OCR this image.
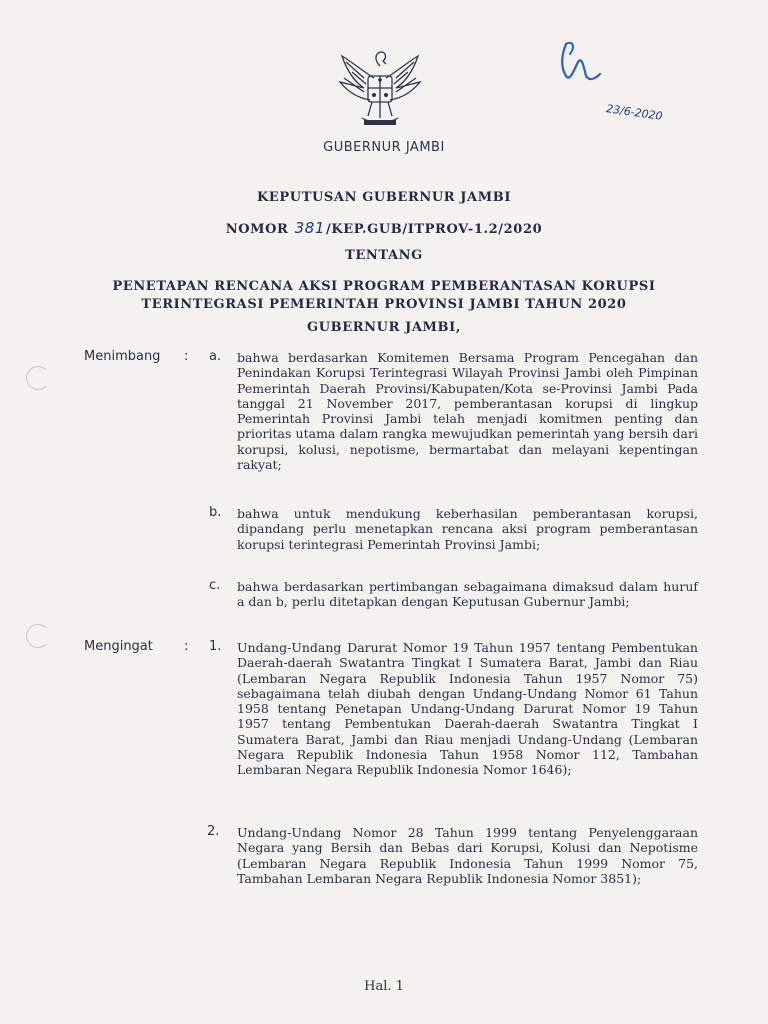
GUBERNUR JAMBI
23/6-2020
KEPUTUSAN GUBERNUR JAMBI
NOMOR 381/KEP.GUB/ITPROV-1.2/2020
TENTANG
PENETAPAN RENCANA AKSI PROGRAM PEMBERANTASAN KORUPSI
TERINTEGRASI PEMERINTAH PROVINSI JAMBI TAHUN 2020
GUBERNUR JAMBI,
Menimbang : a. bahwa berdasarkan Komitemen Bersama Program Pencegahan dan Penindakan Korupsi Terintegrasi Wilayah Provinsi Jambi oleh Pimpinan Pemerintah Daerah Provinsi/Kabupaten/Kota se-Provinsi Jambi Pada tanggal 21 November 2017, pemberantasan korupsi di lingkup Pemerintah Provinsi Jambi telah menjadi komitmen penting dan prioritas utama dalam rangka mewujudkan pemerintah yang bersih dari korupsi, kolusi, nepotisme, bermartabat dan melayani kepentingan rakyat;

b. bahwa untuk mendukung keberhasilan pemberantasan korupsi, dipandang perlu menetapkan rencana aksi program pemberantasan korupsi terintegrasi Pemerintah Provinsi Jambi;

c. bahwa berdasarkan pertimbangan sebagaimana dimaksud dalam huruf a dan b, perlu ditetapkan dengan Keputusan Gubernur Jambi;

Mengingat : 1. Undang-Undang Darurat Nomor 19 Tahun 1957 tentang Pembentukan Daerah-daerah Swatantra Tingkat I Sumatera Barat, Jambi dan Riau (Lembaran Negara Republik Indonesia Tahun 1957 Nomor 75) sebagaimana telah diubah dengan Undang-Undang Nomor 61 Tahun 1958 tentang Penetapan Undang-Undang Darurat Nomor 19 Tahun 1957 tentang Pembentukan Daerah-daerah Swatantra Tingkat I Sumatera Barat, Jambi dan Riau menjadi Undang-Undang (Lembaran Negara Republik Indonesia Tahun 1958 Nomor 112, Tambahan Lembaran Negara Republik Indonesia Nomor 1646);

2. Undang-Undang Nomor 28 Tahun 1999 tentang Penyelenggaraan Negara yang Bersih dan Bebas dari Korupsi, Kolusi dan Nepotisme (Lembaran Negara Republik Indonesia Tahun 1999 Nomor 75, Tambahan Lembaran Negara Republik Indonesia Nomor 3851);

Hal. 1
